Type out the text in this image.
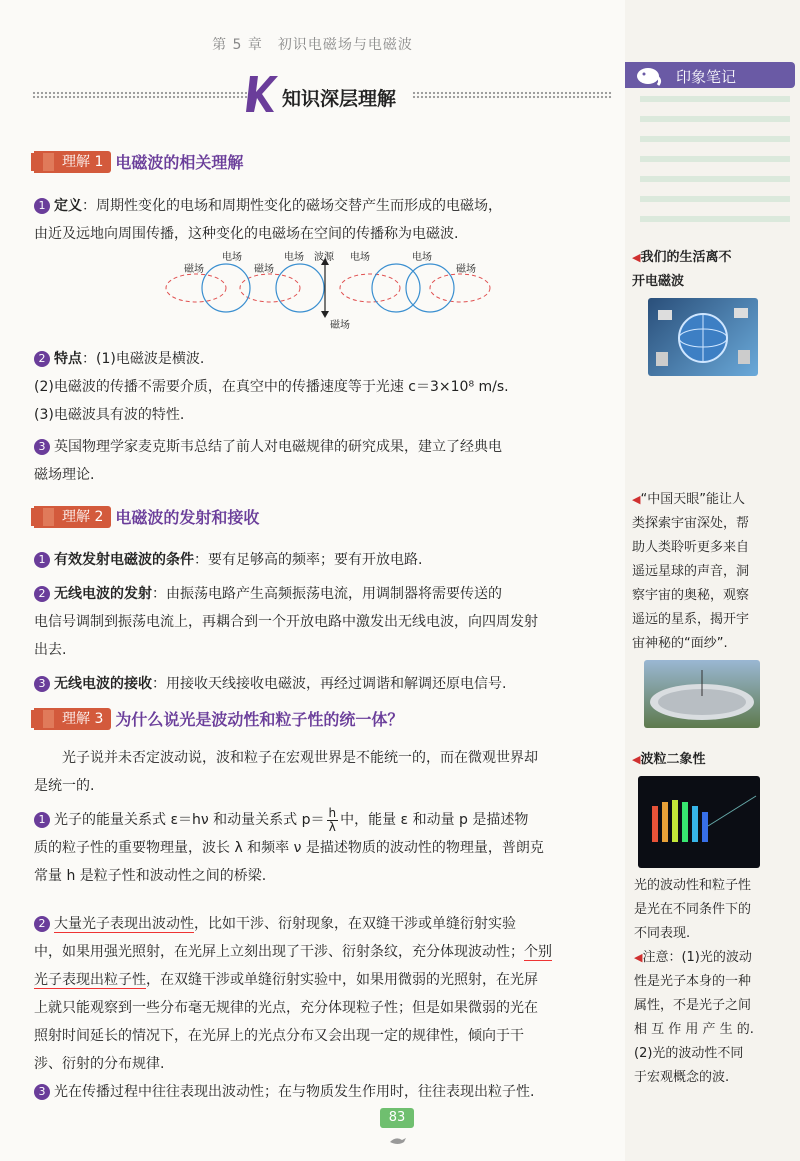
第 5 章　初识电磁场与电磁波
知识深层理解
印象笔记
◀我们的生活离不
开电磁波
◀“中国天眼”能让人
类探索宇宙深处，帮
助人类聆听更多来自
遥远星球的声音，洞
察宇宙的奥秘，观察
遥远的星系，揭开宇
宙神秘的“面纱”.
◀波粒二象性
光的波动性和粒子性
是光在不同条件下的
不同表现.
◀注意：(1)光的波动
性是光子本身的一种
属性，不是光子之间
相 互 作 用 产 生 的.
(2)光的波动性不同
于宏观概念的波.
理解 1 电磁波的相关理解
1 定义：周期性变化的电场和周期性变化的磁场交替产生而形成的电磁场，
由近及远地向周围传播，这种变化的电磁场在空间的传播称为电磁波.
电场	电场 波源 电场	电场
磁场	磁场	磁场
磁场
2 特点：(1)电磁波是横波.
(2)电磁波的传播不需要介质，在真空中的传播速度等于光速 c＝3×10⁸ m/s.
(3)电磁波具有波的特性.
3 英国物理学家麦克斯韦总结了前人对电磁规律的研究成果，建立了经典电
磁场理论.
理解 2 电磁波的发射和接收
1 有效发射电磁波的条件：要有足够高的频率；要有开放电路.
2 无线电波的发射：由振荡电路产生高频振荡电流，用调制器将需要传送的
电信号调制到振荡电流上，再耦合到一个开放电路中激发出无线电波，向四周发射
出去.
3 无线电波的接收：用接收天线接收电磁波，再经过调谐和解调还原电信号.
理解 3 为什么说光是波动性和粒子性的统一体？
光子说并未否定波动说，波和粒子在宏观世界是不能统一的，而在微观世界却
是统一的.
1 光子的能量关系式 ε＝hν 和动量关系式 p＝ h
λ 中，能量 ε 和动量 p 是描述物
质的粒子性的重要物理量，波长 λ 和频率 ν 是描述物质的波动性的物理量，普朗克
常量 h 是粒子性和波动性之间的桥梁.
2 大量光子表现出波动性，比如干涉、衍射现象，在双缝干涉或单缝衍射实验
中，如果用强光照射，在光屏上立刻出现了干涉、衍射条纹，充分体现波动性；个别
光子表现出粒子性，在双缝干涉或单缝衍射实验中，如果用微弱的光照射，在光屏
上就只能观察到一些分布毫无规律的光点，充分体现粒子性；但是如果微弱的光在
照射时间延长的情况下，在光屏上的光点分布又会出现一定的规律性，倾向于干
涉、衍射的分布规律.
3 光在传播过程中往往表现出波动性；在与物质发生作用时，往往表现出粒子性.
83
